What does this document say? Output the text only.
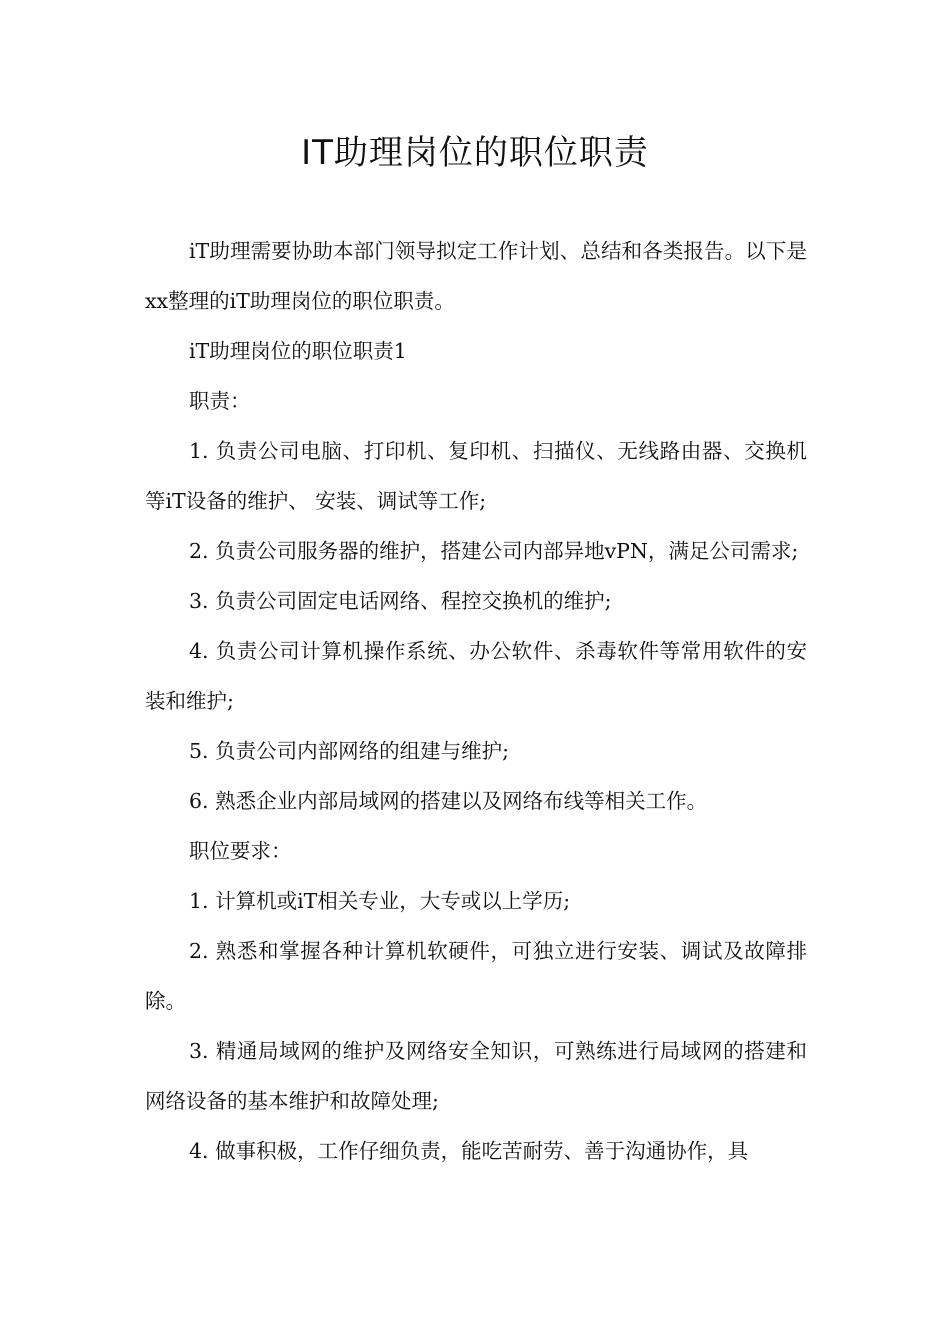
IT助理岗位的职位职责

iT助理需要协助本部门领导拟定工作计划、总结和各类报告。以下是xx整理的iT助理岗位的职位职责。

iT助理岗位的职位职责1

职责：

1. 负责公司电脑、打印机、复印机、扫描仪、无线路由器、交换机等iT设备的维护、 安装、调试等工作;

2. 负责公司服务器的维护，搭建公司内部异地vPN，满足公司需求;

3. 负责公司固定电话网络、程控交换机的维护;

4. 负责公司计算机操作系统、办公软件、杀毒软件等常用软件的安装和维护;

5. 负责公司内部网络的组建与维护;

6. 熟悉企业内部局域网的搭建以及网络布线等相关工作。

职位要求：

1. 计算机或iT相关专业，大专或以上学历;

2. 熟悉和掌握各种计算机软硬件，可独立进行安装、调试及故障排除。

3. 精通局域网的维护及网络安全知识，可熟练进行局域网的搭建和网络设备的基本维护和故障处理;

4. 做事积极，工作仔细负责，能吃苦耐劳、善于沟通协作，具
